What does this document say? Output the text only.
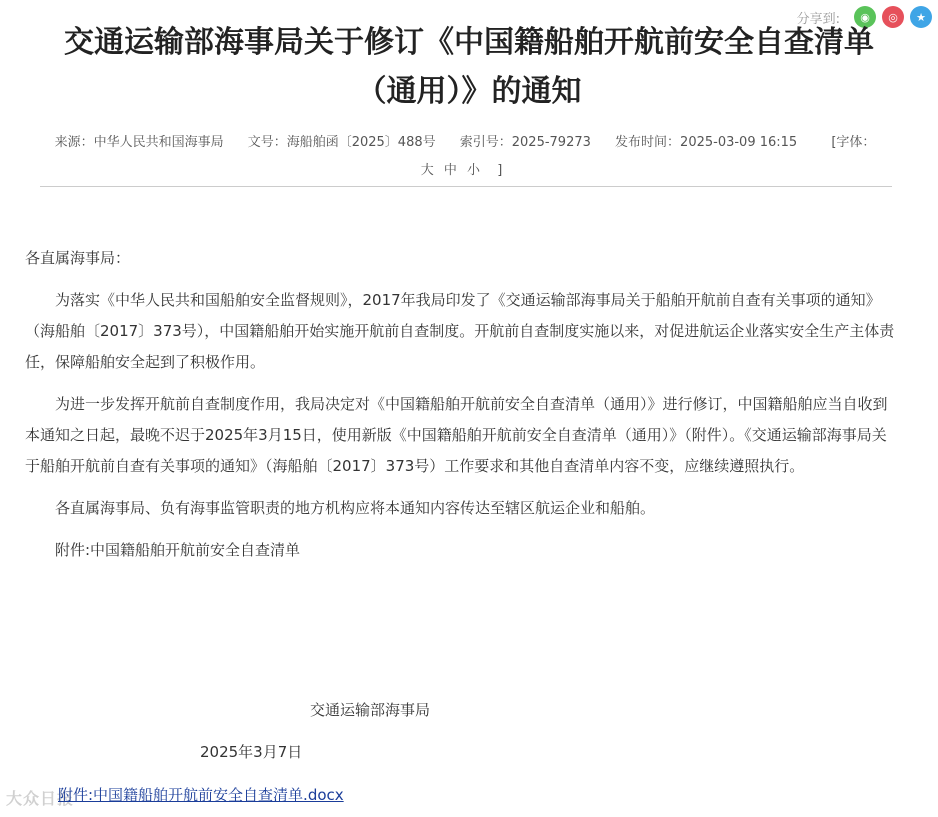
分享到:	◉	◎	★
交通运输部海事局关于修订《中国籍船舶开航前安全自查清单（通用）》的通知
来源：中华人民共和国海事局 文号：海船舶函〔2025〕488号 索引号：2025-79273 发布时间：2025-03-09 16:15	[字体： 大 中 小 ]

各直属海事局：

为落实《中华人民共和国船舶安全监督规则》，2017年我局印发了《交通运输部海事局关于船舶开航前自查有关事项的通知》（海船舶〔2017〕373号），中国籍船舶开始实施开航前自查制度。开航前自查制度实施以来，对促进航运企业落实安全生产主体责任，保障船舶安全起到了积极作用。

为进一步发挥开航前自查制度作用，我局决定对《中国籍船舶开航前安全自查清单（通用）》进行修订，中国籍船舶应当自收到本通知之日起，最晚不迟于2025年3月15日，使用新版《中国籍船舶开航前安全自查清单（通用）》（附件）。《交通运输部海事局关于船舶开航前自查有关事项的通知》（海船舶〔2017〕373号）工作要求和其他自查清单内容不变，应继续遵照执行。

各直属海事局、负有海事监管职责的地方机构应将本通知内容传达至辖区航运企业和船舶。

附件:中国籍船舶开航前安全自查清单

交通运输部海事局
2025年3月7日
大众日报
附件:中国籍船舶开航前安全自查清单.docx
